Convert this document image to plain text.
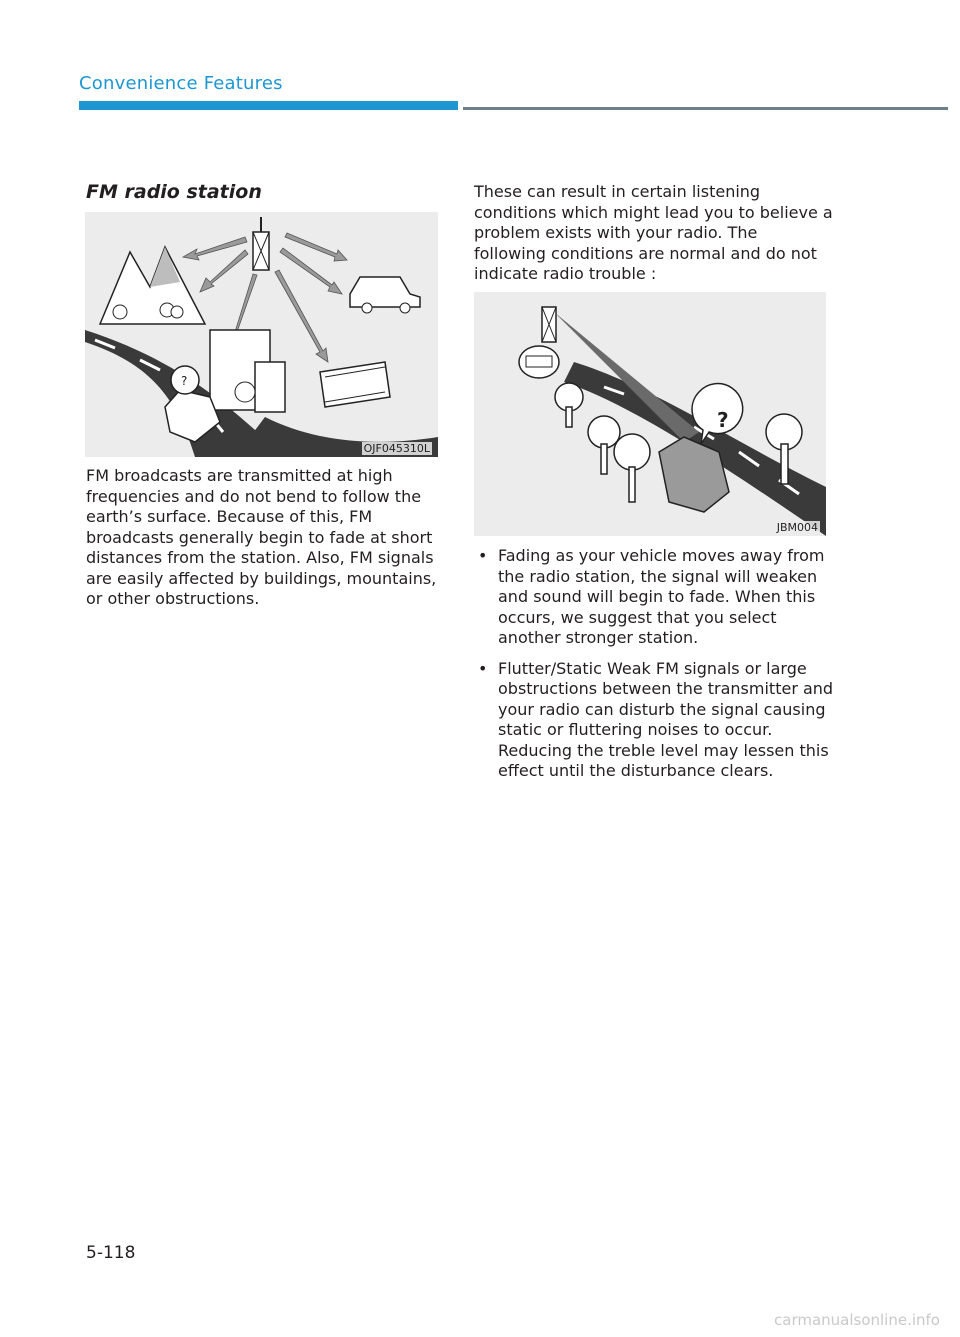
Convenience Features
FM radio station
?
OJF045310L

FM broadcasts are transmitted at high frequencies and do not bend to follow the earth’s surface. Because of this, FM broadcasts generally begin to fade at short distances from the station. Also, FM signals are easily affected by buildings, mountains, or other obstructions.

These can result in certain listening conditions which might lead you to believe a problem exists with your radio. The following conditions are normal and do not indicate radio trouble :

?
JBM004
• Fading as your vehicle moves away from the radio station, the signal will weaken and sound will begin to fade. When this occurs, we suggest that you select another stronger station.
• Flutter/Static Weak FM signals or large obstructions between the transmitter and your radio can disturb the signal causing static or fluttering noises to occur. Reducing the treble level may lessen this effect until the disturbance clears.
5-118
carmanualsonline.info
